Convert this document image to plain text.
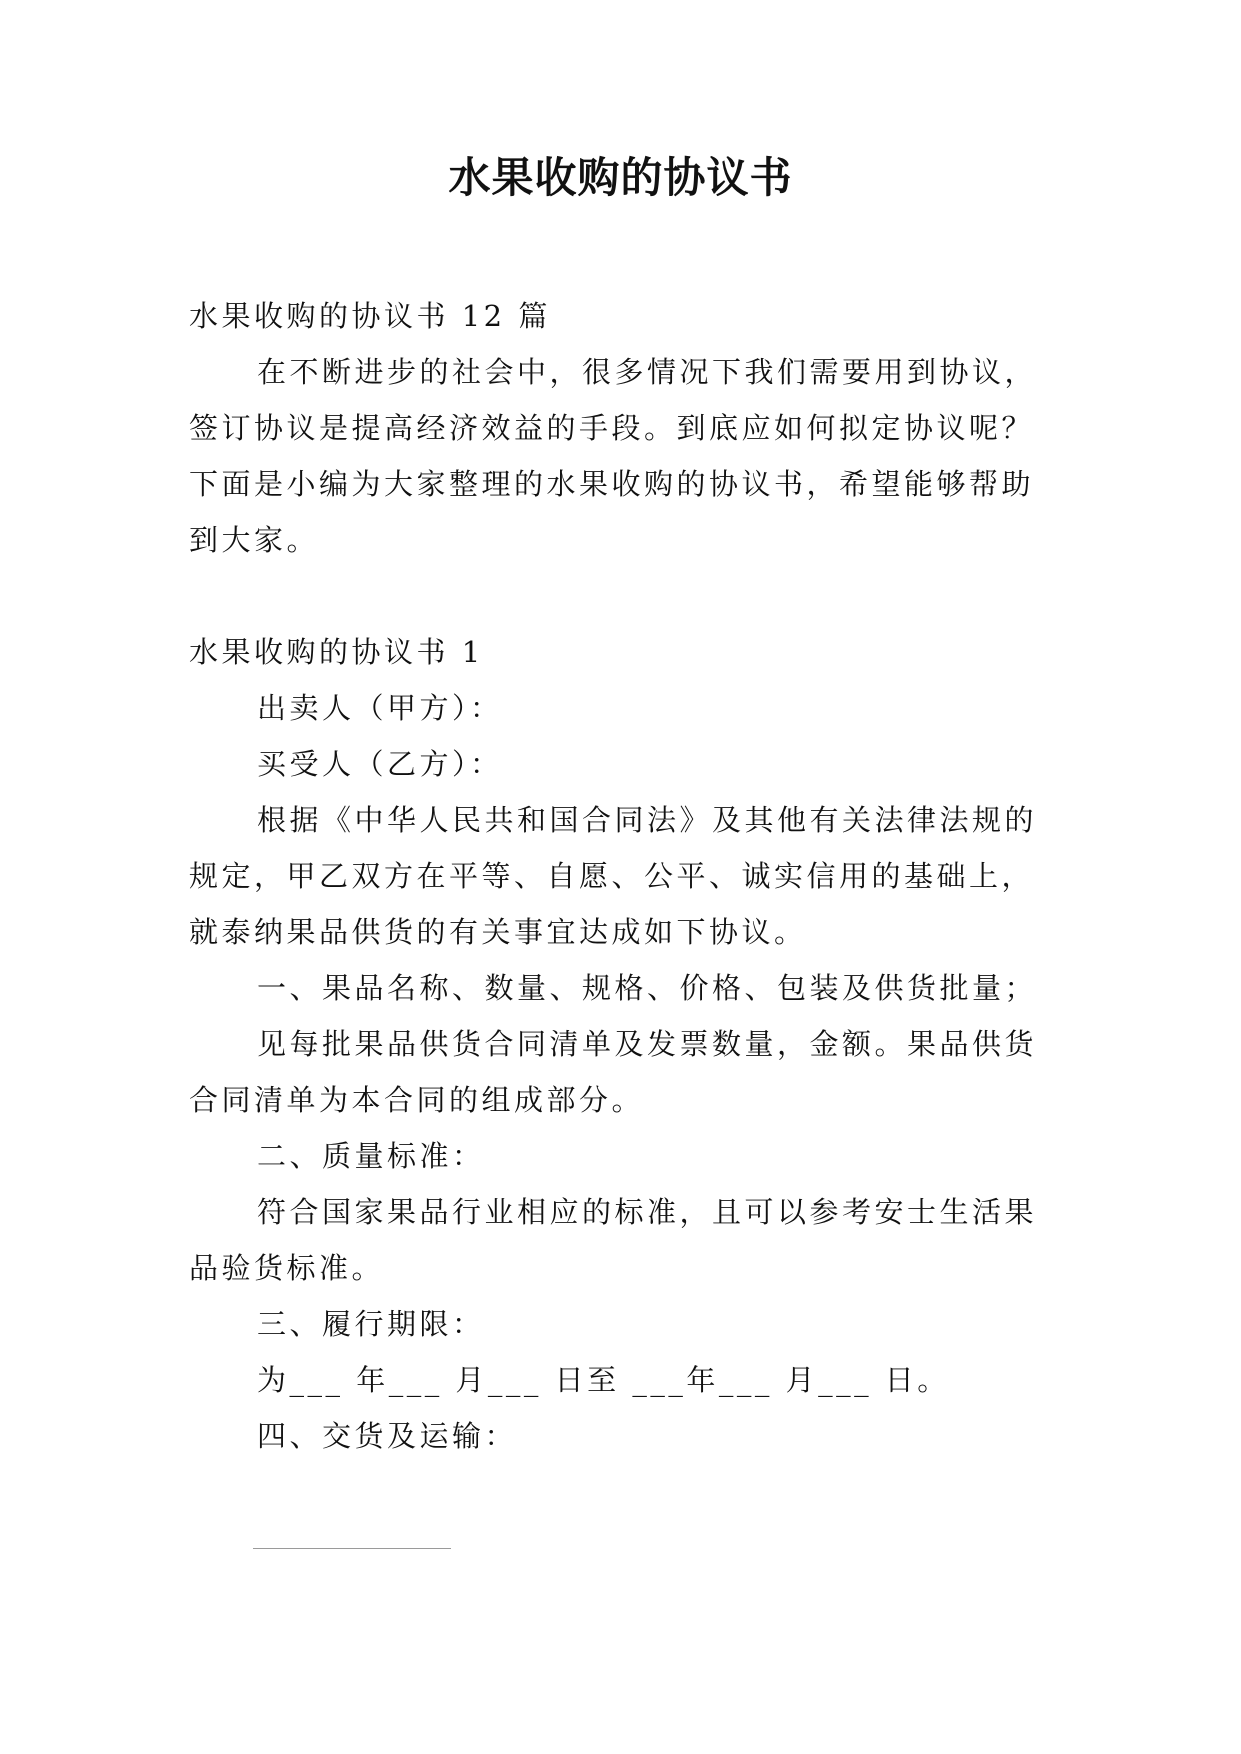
水果收购的协议书
水果收购的协议书 12 篇
在不断进步的社会中，很多情况下我们需要用到协议，
签订协议是提高经济效益的手段。到底应如何拟定协议呢？
下面是小编为大家整理的水果收购的协议书，希望能够帮助
到大家。
水果收购的协议书 1
出卖人（甲方）：
买受人（乙方）：
根据《中华人民共和国合同法》及其他有关法律法规的
规定，甲乙双方在平等、自愿、公平、诚实信用的基础上，
就泰纳果品供货的有关事宜达成如下协议。
一、果品名称、数量、规格、价格、包装及供货批量；
见每批果品供货合同清单及发票数量，金额。果品供货
合同清单为本合同的组成部分。
二、质量标准：
符合国家果品行业相应的标准，且可以参考安士生活果
品验货标准。
三、履行期限：
为___ 年___ 月___ 日至 ___年___ 月___ 日。
四、交货及运输：
